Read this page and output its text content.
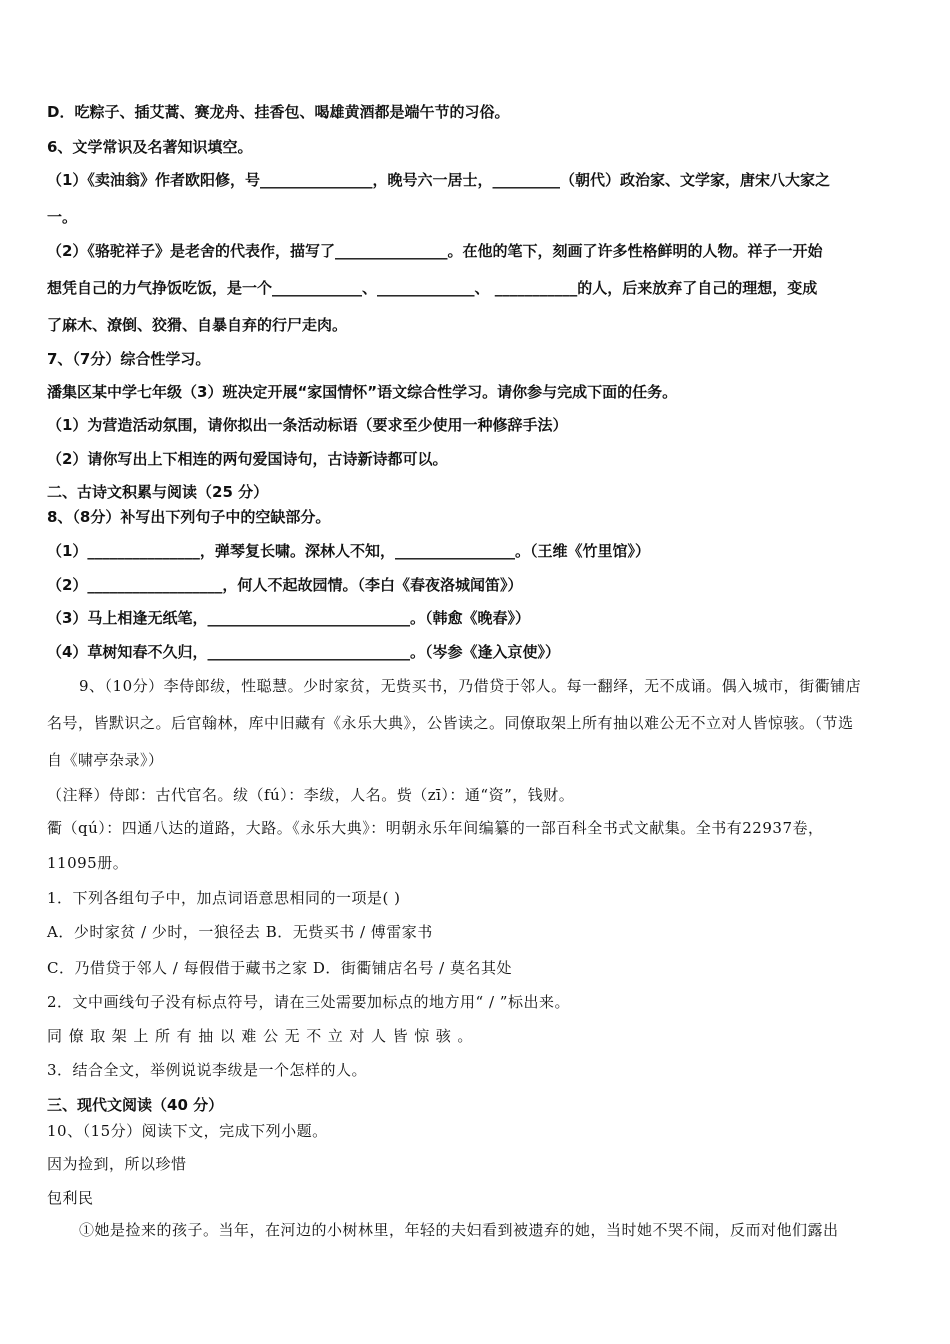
D．吃粽子、插艾蒿、赛龙舟、挂香包、喝雄黄酒都是端午节的习俗。
6、文学常识及名著知识填空。
（1）《卖油翁》作者欧阳修，号_______________，晚号六一居士，_________（朝代）政治家、文学家，唐宋八大家之
一。
（2）《骆驼祥子》是老舍的代表作，描写了_______________。在他的笔下，刻画了许多性格鲜明的人物。祥子一开始
想凭自己的力气挣饭吃饭，是一个____________、_____________、 ___________的人，后来放弃了自己的理想，变成
了麻木、潦倒、狡猾、自暴自弃的行尸走肉。
7、（7分）综合性学习。
潘集区某中学七年级（3）班决定开展“家国情怀”语文综合性学习。请你参与完成下面的任务。
（1）为营造活动氛围，请你拟出一条活动标语（要求至少使用一种修辞手法）
（2）请你写出上下相连的两句爱国诗句，古诗新诗都可以。
二、古诗文积累与阅读（25 分）
8、（8分）补写出下列句子中的空缺部分。
（1）_______________，弹琴复长啸。深林人不知，________________。（王维《竹里馆》）
（2）__________________，何人不起故园情。（李白《春夜洛城闻笛》）
（3）马上相逢无纸笔，___________________________。（韩愈《晚春》）
（4）草树知春不久归，___________________________。（岑参《逢入京使》）
9、（10分）李侍郎绂，性聪慧。少时家贫，无赀买书，乃借贷于邻人。每一翻绎，无不成诵。偶入城市，街衢铺店
名号，皆默识之。后官翰林，库中旧藏有《永乐大典》，公皆读之。同僚取架上所有抽以难公无不立对人皆惊骇。（节选
自《啸亭杂录》）
（注释）侍郎：古代官名。绂（fú）：李绂，人名。赀（zī）：通“资”，钱财。
衢（qú）：四通八达的道路，大路。《永乐大典》：明朝永乐年间编纂的一部百科全书式文献集。全书有22937卷，
11095册。
1．下列各组句子中，加点词语意思相同的一项是( )
A．少时家贫 / 少时，一狼径去 B．无赀买书 / 傅雷家书
C．乃借贷于邻人 / 每假借于藏书之家 D．街衢铺店名号 / 莫名其处
2．文中画线句子没有标点符号，请在三处需要加标点的地方用“ / ”标出来。
同僚取架上所有抽以难公无不立对人皆惊骇。
3．结合全文，举例说说李绂是一个怎样的人。
三、现代文阅读（40 分）
10、（15分）阅读下文，完成下列小题。
因为捡到，所以珍惜
包利民
①她是捡来的孩子。当年，在河边的小树林里，年轻的夫妇看到被遗弃的她，当时她不哭不闹，反而对他们露出
